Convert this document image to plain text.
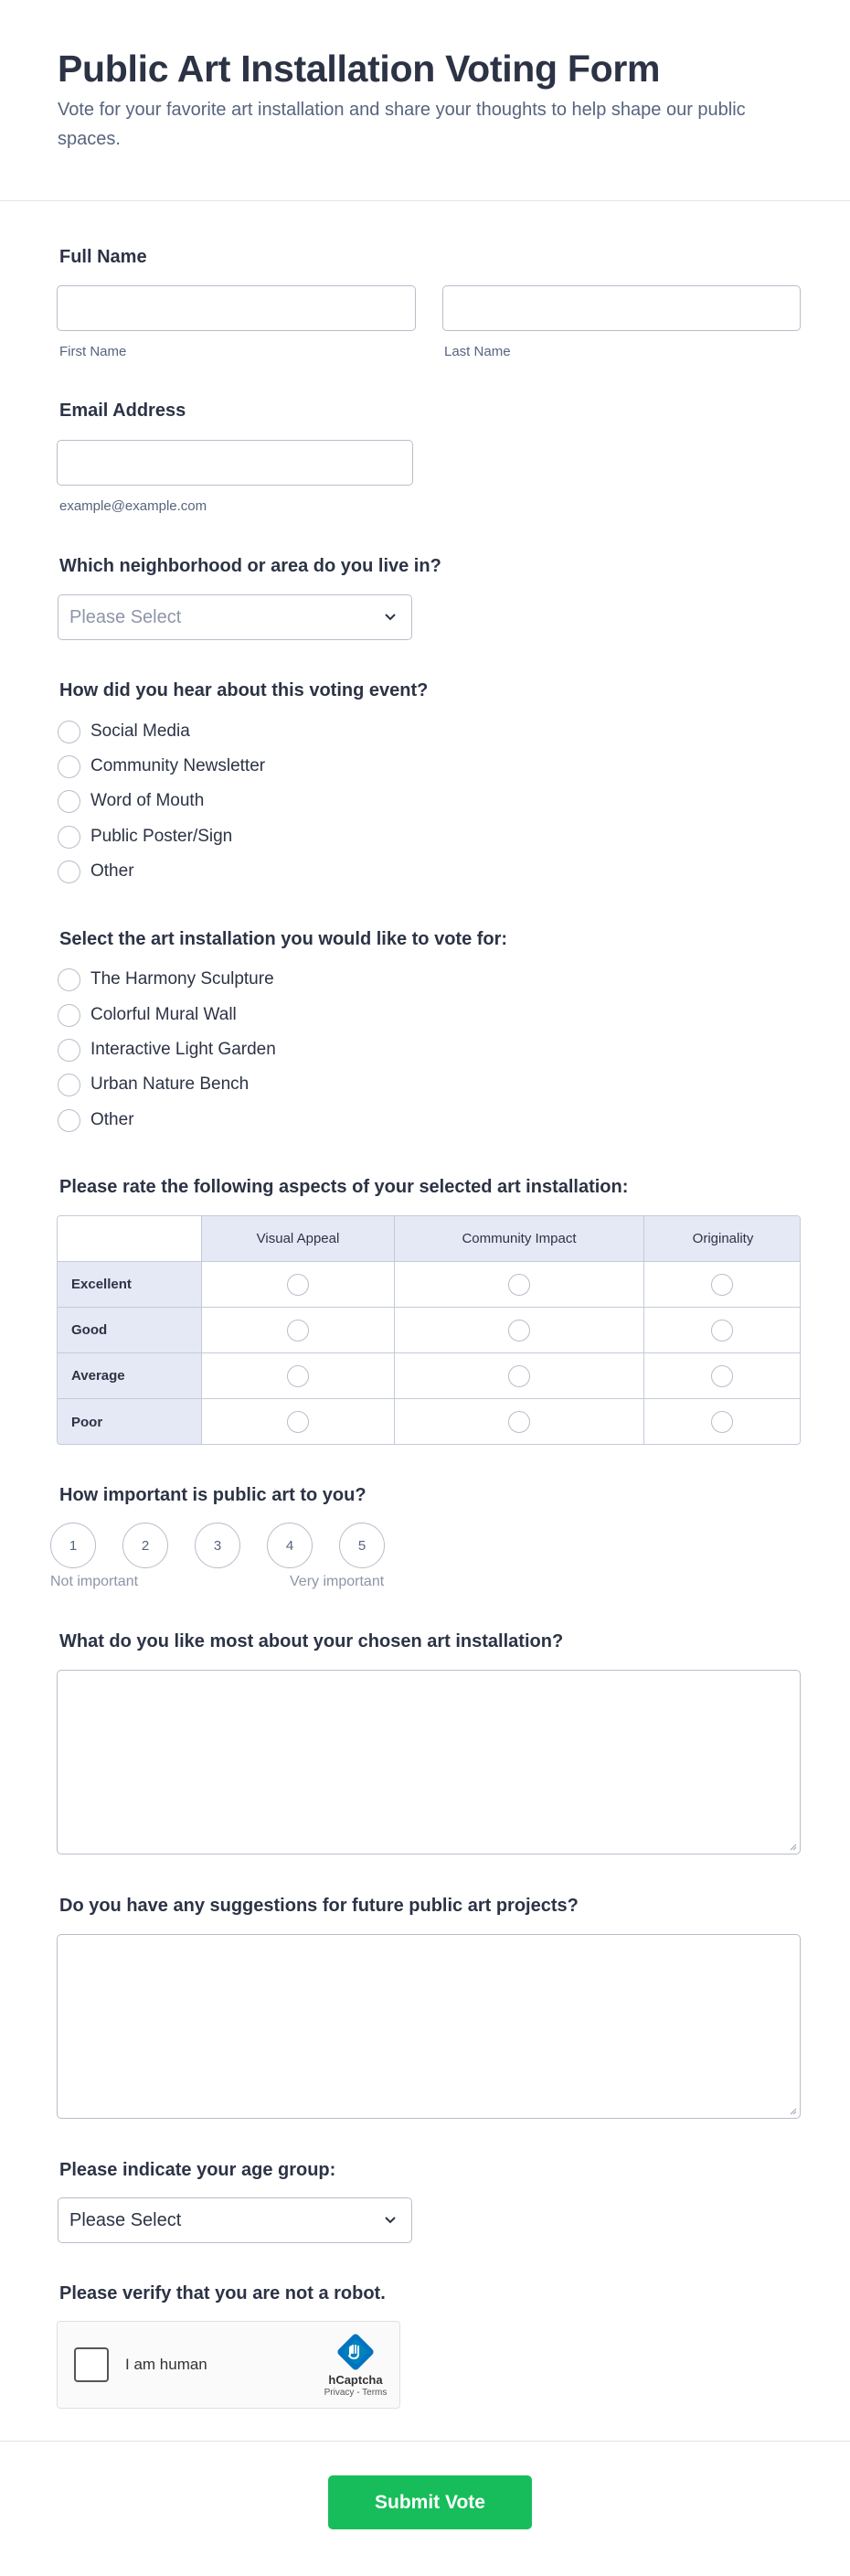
Public Art Installation Voting Form

Vote for your favorite art installation and share your thoughts to help shape our public spaces.

Full Name
First Name	Last Name
Email Address
example@example.com
Which neighborhood or area do you live in?
Please Select
How did you hear about this voting event?
Social Media
Community Newsletter
Word of Mouth
Public Poster/Sign
Other
Select the art installation you would like to vote for:
The Harmony Sculpture
Colorful Mural Wall
Interactive Light Garden
Urban Nature Bench
Other
Please rate the following aspects of your selected art installation:
Visual Appeal	Community Impact	Originality
Excellent
Good
Average
Poor
How important is public art to you?
1	2	3	4	5
Not important	Very important
What do you like most about your chosen art installation?
Do you have any suggestions for future public art projects?
Please indicate your age group:
Please Select
Please verify that you are not a robot.
I am human
hCaptcha
Privacy - Terms
Submit Vote
